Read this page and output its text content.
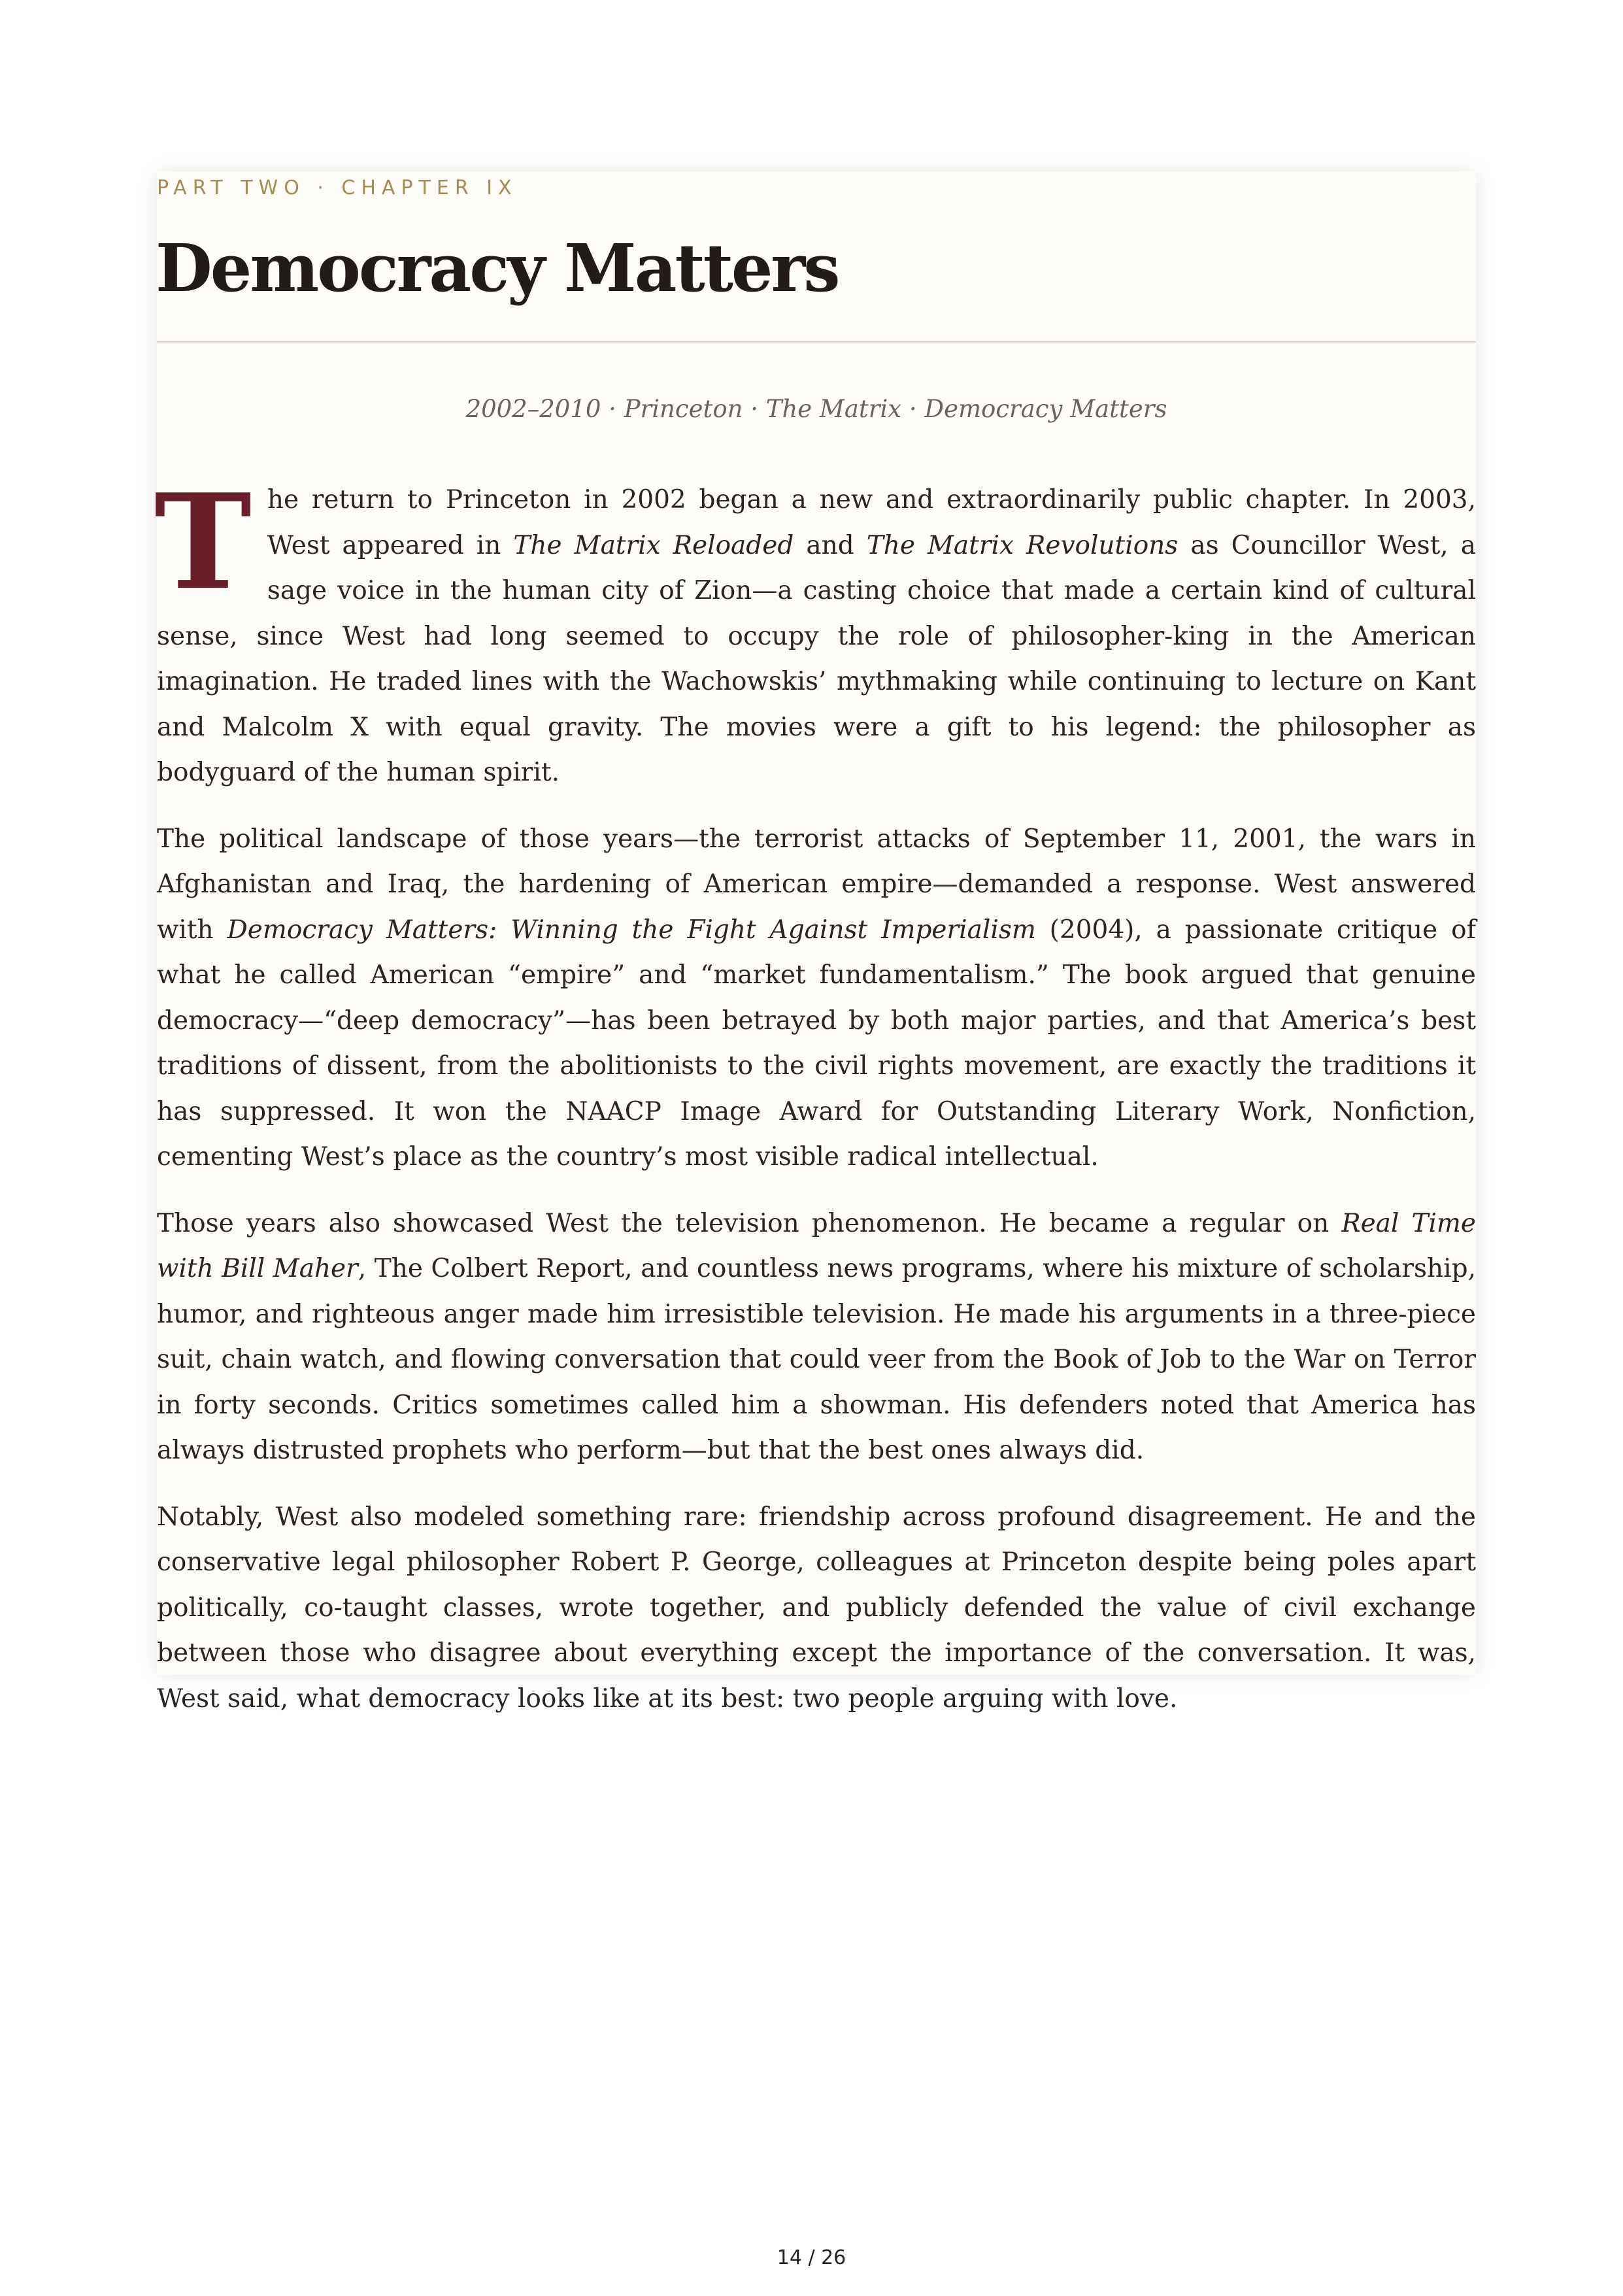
PART TWO · CHAPTER IX
Democracy Matters
2002–2010 · Princeton · The Matrix · Democracy Matters

The return to Princeton in 2002 began a new and extraordinarily public chapter. In 2003, West appeared in The Matrix Reloaded and The Matrix Revolutions as Councillor West, a sage voice in the human city of Zion—a casting choice that made a certain kind of cultural sense, since West had long seemed to occupy the role of philosopher-king in the American imagination. He traded lines with the Wachowskis’ mythmaking while continuing to lecture on Kant and Malcolm X with equal gravity. The movies were a gift to his legend: the philosopher as bodyguard of the human spirit.

The political landscape of those years—the terrorist attacks of September 11, 2001, the wars in Afghanistan and Iraq, the hardening of American empire—demanded a response. West answered with Democracy Matters: Winning the Fight Against Imperialism (2004), a passionate critique of what he called American “empire” and “market fundamentalism.” The book argued that genuine democracy—“deep democracy”—has been betrayed by both major parties, and that America’s best traditions of dissent, from the abolitionists to the civil rights movement, are exactly the traditions it has suppressed. It won the NAACP Image Award for Outstanding Literary Work, Nonfiction, cementing West’s place as the country’s most visible radical intellectual.

Those years also showcased West the television phenomenon. He became a regular on Real Time with Bill Maher, The Colbert Report, and countless news programs, where his mixture of scholarship, humor, and righteous anger made him irresistible television. He made his arguments in a three-piece suit, chain watch, and flowing conversation that could veer from the Book of Job to the War on Terror in forty seconds. Critics sometimes called him a showman. His defenders noted that America has always distrusted prophets who perform—but that the best ones always did.

Notably, West also modeled something rare: friendship across profound disagreement. He and the conservative legal philosopher Robert P. George, colleagues at Princeton despite being poles apart politically, co-taught classes, wrote together, and publicly defended the value of civil exchange between those who disagree about everything except the importance of the conversation. It was, West said, what democracy looks like at its best: two people arguing with love.

14 / 26
